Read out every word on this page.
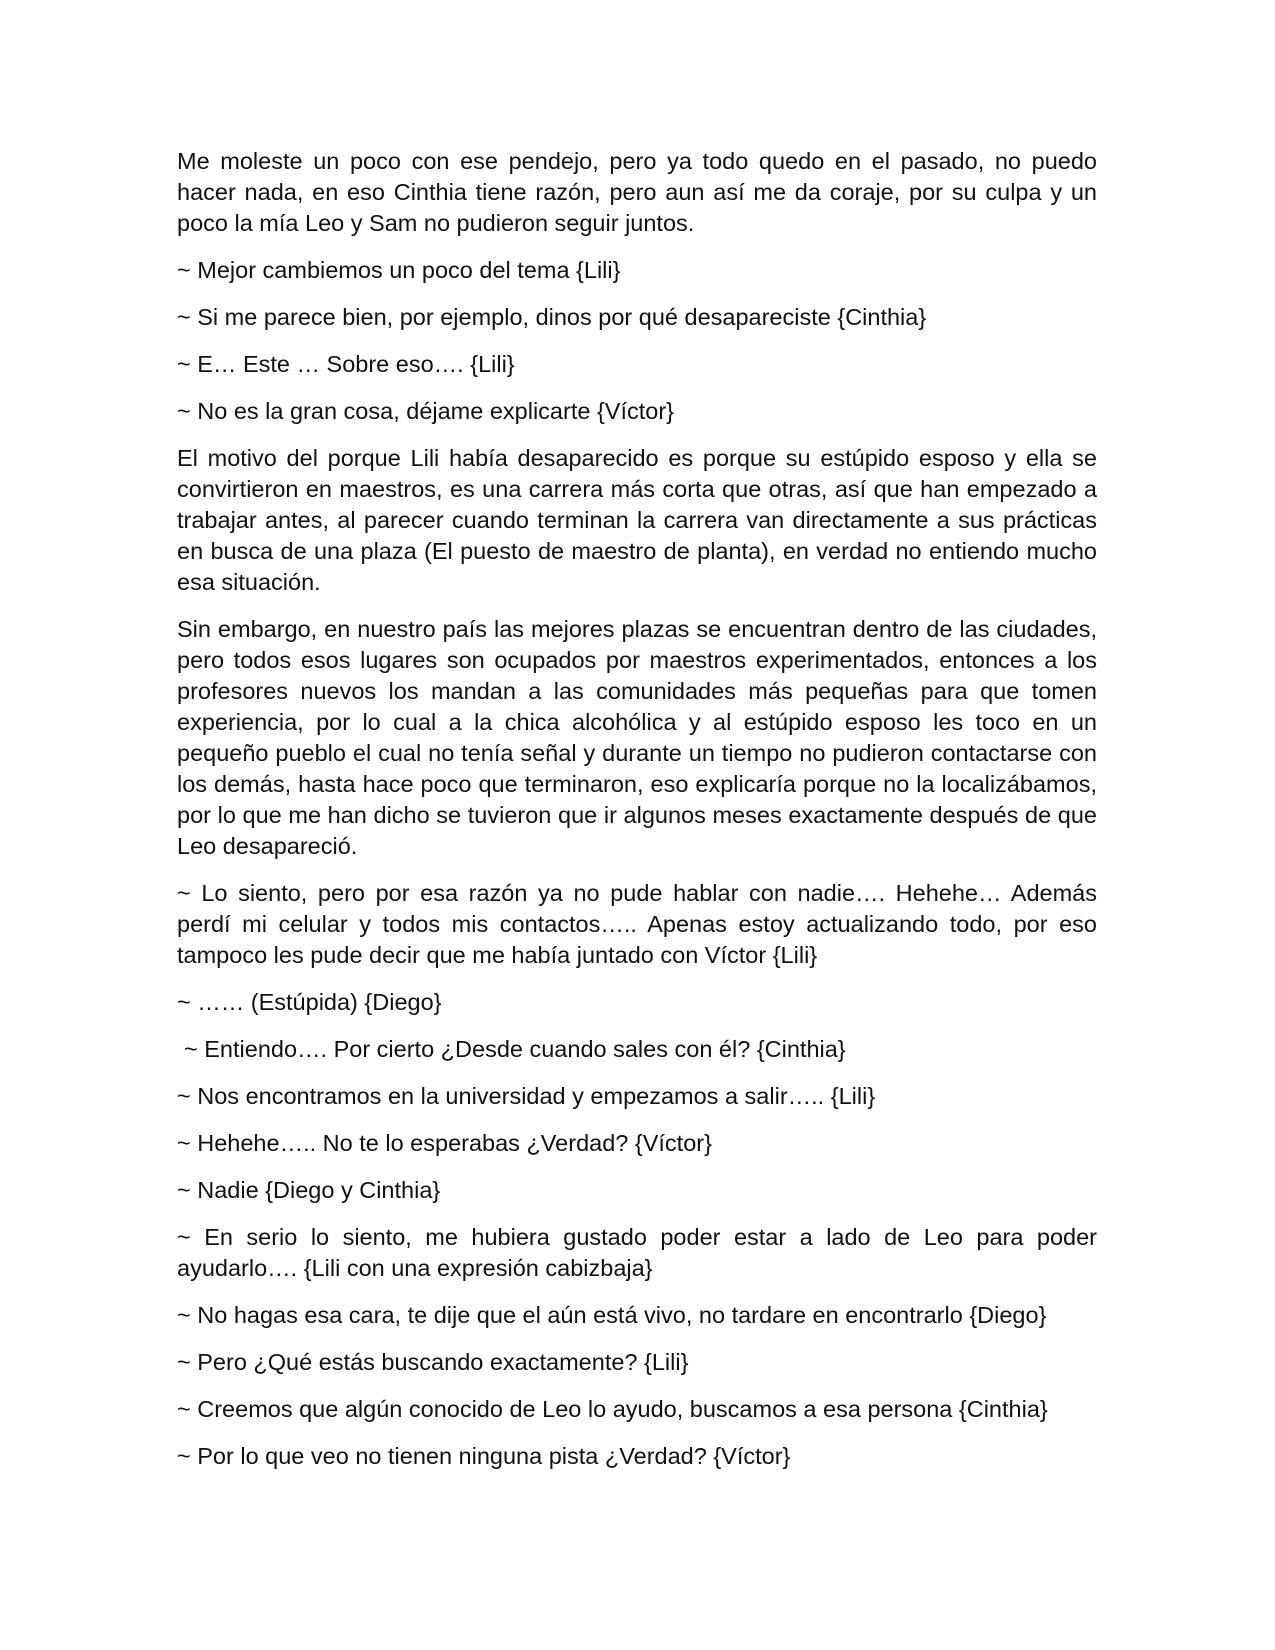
Me moleste un poco con ese pendejo, pero ya todo quedo en el pasado, no puedo hacer nada, en eso Cinthia tiene razón, pero aun así me da coraje, por su culpa y un poco la mía Leo y Sam no pudieron seguir juntos.

~ Mejor cambiemos un poco del tema {Lili}

~ Si me parece bien, por ejemplo, dinos por qué desapareciste {Cinthia}

~ E… Este … Sobre eso…. {Lili}

~ No es la gran cosa, déjame explicarte {Víctor}

El motivo del porque Lili había desaparecido es porque su estúpido esposo y ella se convirtieron en maestros, es una carrera más corta que otras, así que han empezado a trabajar antes, al parecer cuando terminan la carrera van directamente a sus prácticas en busca de una plaza (El puesto de maestro de planta), en verdad no entiendo mucho esa situación.

Sin embargo, en nuestro país las mejores plazas se encuentran dentro de las ciudades, pero todos esos lugares son ocupados por maestros experimentados, entonces a los profesores nuevos los mandan a las comunidades más pequeñas para que tomen experiencia, por lo cual a la chica alcohólica y al estúpido esposo les toco en un pequeño pueblo el cual no tenía señal y durante un tiempo no pudieron contactarse con los demás, hasta hace poco que terminaron, eso explicaría porque no la localizábamos, por lo que me han dicho se tuvieron que ir algunos meses exactamente después de que Leo desapareció.

~ Lo siento, pero por esa razón ya no pude hablar con nadie…. Hehehe… Además perdí mi celular y todos mis contactos….. Apenas estoy actualizando todo, por eso tampoco les pude decir que me había juntado con Víctor {Lili}

~ …… (Estúpida) {Diego}

~ Entiendo…. Por cierto ¿Desde cuando sales con él? {Cinthia}

~ Nos encontramos en la universidad y empezamos a salir….. {Lili}

~ Hehehe….. No te lo esperabas ¿Verdad? {Víctor}

~ Nadie {Diego y Cinthia}

~ En serio lo siento, me hubiera gustado poder estar a lado de Leo para poder ayudarlo…. {Lili con una expresión cabizbaja}

~ No hagas esa cara, te dije que el aún está vivo, no tardare en encontrarlo {Diego}

~ Pero ¿Qué estás buscando exactamente? {Lili}

~ Creemos que algún conocido de Leo lo ayudo, buscamos a esa persona {Cinthia}

~ Por lo que veo no tienen ninguna pista ¿Verdad? {Víctor}
